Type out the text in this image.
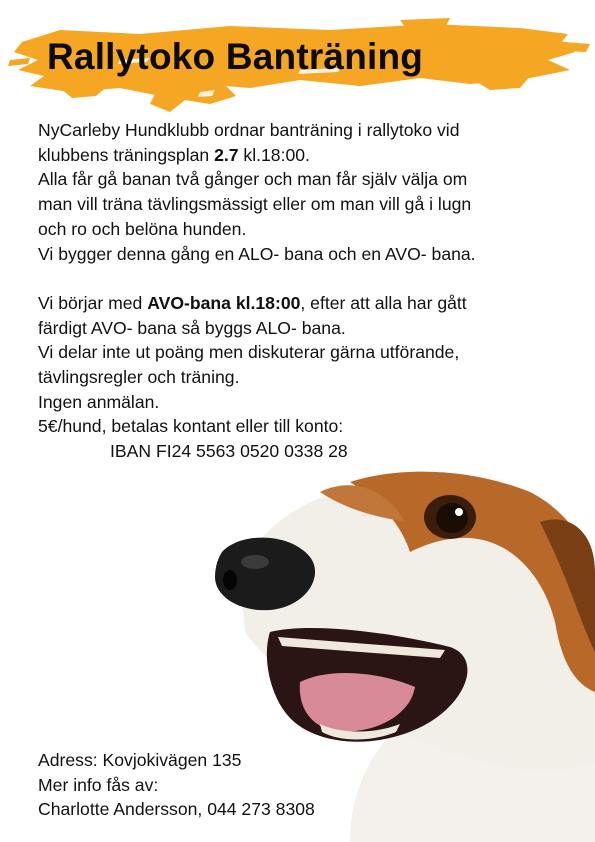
Rallytoko Banträning

NyCarleby Hundklubb ordnar banträning i rallytoko vid

klubbens träningsplan 2.7 kl.18:00.

Alla får gå banan två gånger och man får själv välja om

man vill träna tävlingsmässigt eller om man vill gå i lugn

och ro och belöna hunden.

Vi bygger denna gång en ALO- bana och en AVO- bana.

Vi börjar med AVO-bana kl.18:00, efter att alla har gått

färdigt AVO- bana så byggs ALO- bana.

Vi delar inte ut poäng men diskuterar gärna utförande,

tävlingsregler och träning.

Ingen anmälan.

5€/hund, betalas kontant eller till konto:

IBAN FI24 5563 0520 0338 28

Adress: Kovjokivägen 135

Mer info fås av:

Charlotte Andersson, 044 273 8308
